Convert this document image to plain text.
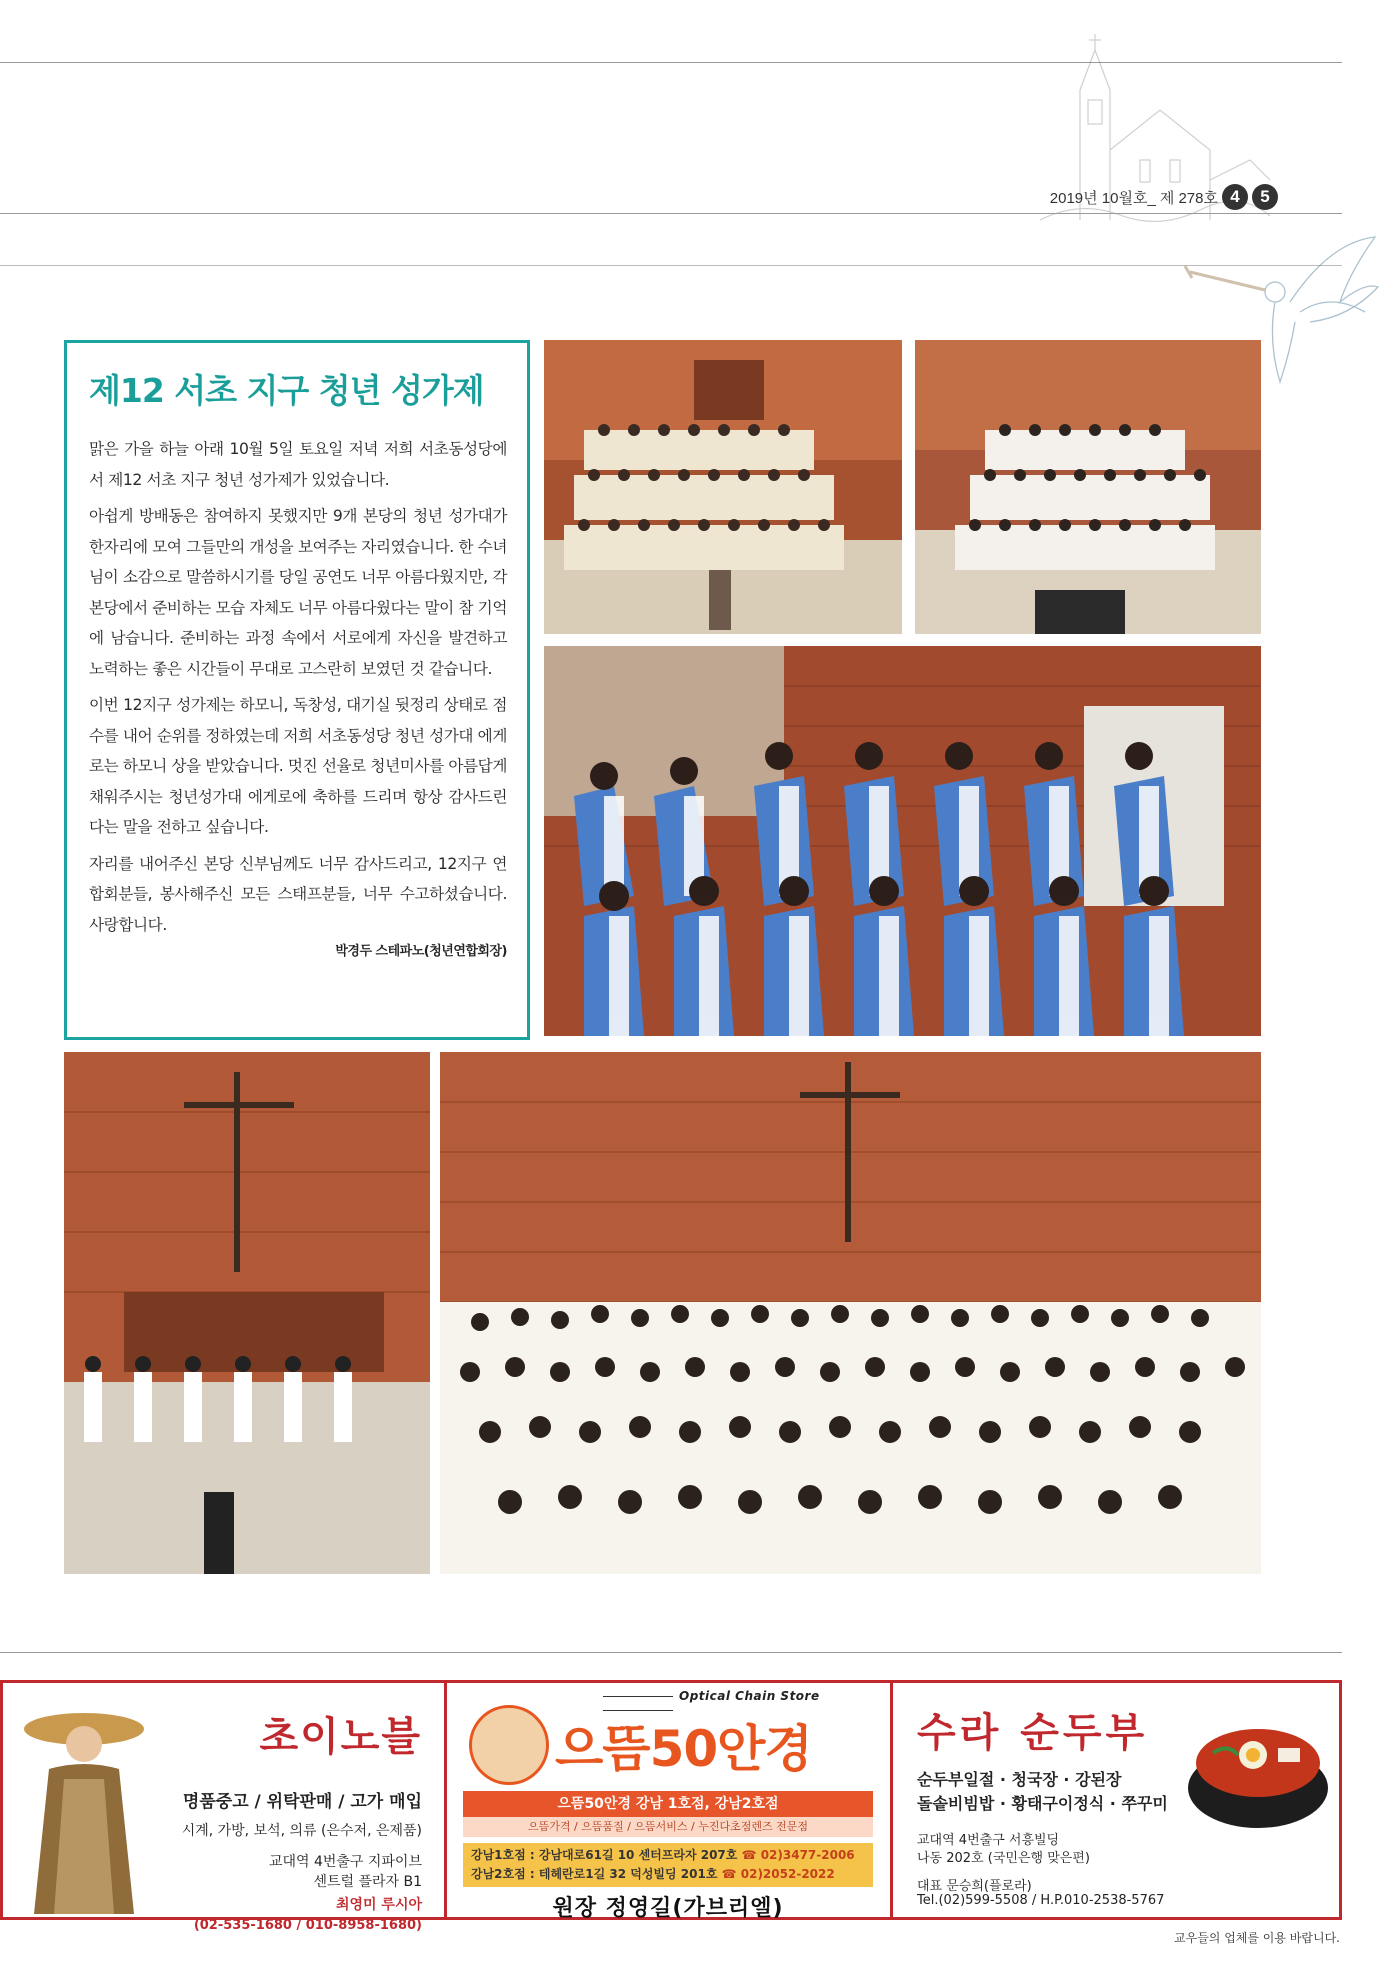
2019년 10월호_ 제 278호 4	5
제12 서초 지구 청년 성가제

맑은 가을 하늘 아래 10월 5일 토요일 저녁 저희 서초동성당에서 제12 서초 지구 청년 성가제가 있었습니다.

아쉽게 방배동은 참여하지 못했지만 9개 본당의 청년 성가대가 한자리에 모여 그들만의 개성을 보여주는 자리였습니다. 한 수녀님이 소감으로 말씀하시기를 당일 공연도 너무 아름다웠지만, 각 본당에서 준비하는 모습 자체도 너무 아름다웠다는 말이 참 기억에 남습니다. 준비하는 과정 속에서 서로에게 자신을 발견하고 노력하는 좋은 시간들이 무대로 고스란히 보였던 것 같습니다.

이번 12지구 성가제는 하모니, 독창성, 대기실 뒷정리 상태로 점수를 내어 순위를 정하였는데 저희 서초동성당 청년 성가대 에게로는 하모니 상을 받았습니다. 멋진 선율로 청년미사를 아름답게 채워주시는 청년성가대 에게로에 축하를 드리며 항상 감사드린다는 말을 전하고 싶습니다.

자리를 내어주신 본당 신부님께도 너무 감사드리고, 12지구 연합회분들, 봉사해주신 모든 스태프분들, 너무 수고하셨습니다. 사랑합니다.

박경두 스테파노(청년연합회장)
초이노블
명품중고 / 위탁판매 / 고가 매입
시계, 가방, 보석, 의류 (은수저, 은제품)
교대역 4번출구 지파이브
센트럴 플라자 B1
최영미 루시아
(02-535-1680 / 010-8958-1680)
Optical Chain Store
으뜸50안경
으뜸50안경 강남 1호점, 강남2호점
으뜸가격 / 으뜸품질 / 으뜸서비스 / 누진다초점렌즈 전문점
강남1호점 : 강남대로61길 10 센터프라자 207호 ☎ 02)3477-2006
강남2호점 : 테헤란로1길 32 덕성빌딩 201호 ☎ 02)2052-2022
원장 정영길(가브리엘)
수라 순두부
순두부일절 · 청국장 · 강된장
돌솥비빔밥 · 황태구이정식 · 쭈꾸미
교대역 4번출구 서흥빌딩
나동 202호 (국민은행 맞은편)
대표 문승희(플로라)
Tel.(02)599-5508 / H.P.010-2538-5767
교우들의 업체를 이용 바랍니다.
